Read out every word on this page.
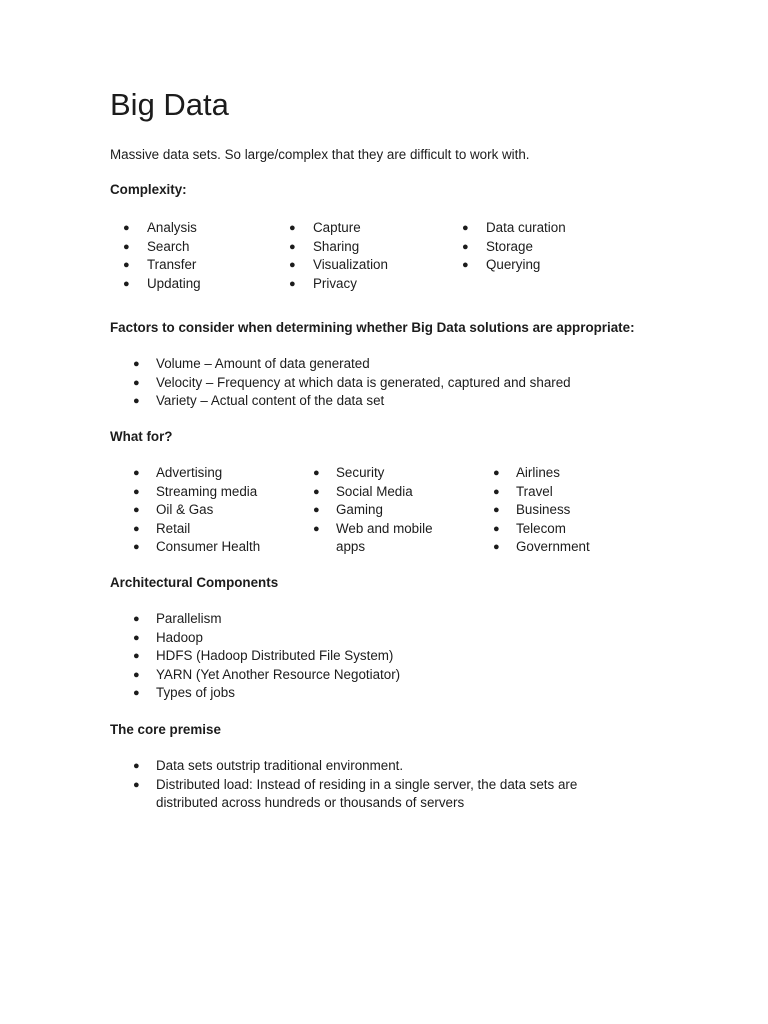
Big Data
Massive data sets. So large/complex that they are difficult to work with.
Complexity:
● Analysis
● Search
● Transfer
● Updating
● Capture
● Sharing
● Visualization
● Privacy
● Data curation
● Storage
● Querying
Factors to consider when determining whether Big Data solutions are appropriate:
● Volume – Amount of data generated
● Velocity – Frequency at which data is generated, captured and shared
● Variety – Actual content of the data set
What for?
● Advertising
● Streaming media
● Oil & Gas
● Retail
● Consumer Health
● Security
● Social Media
● Gaming
● Web and mobile apps
● Airlines
● Travel
● Business
● Telecom
● Government
Architectural Components
● Parallelism
● Hadoop
● HDFS (Hadoop Distributed File System)
● YARN (Yet Another Resource Negotiator)
● Types of jobs
The core premise
● Data sets outstrip traditional environment.
● Distributed load: Instead of residing in a single server, the data sets are distributed across hundreds or thousands of servers
